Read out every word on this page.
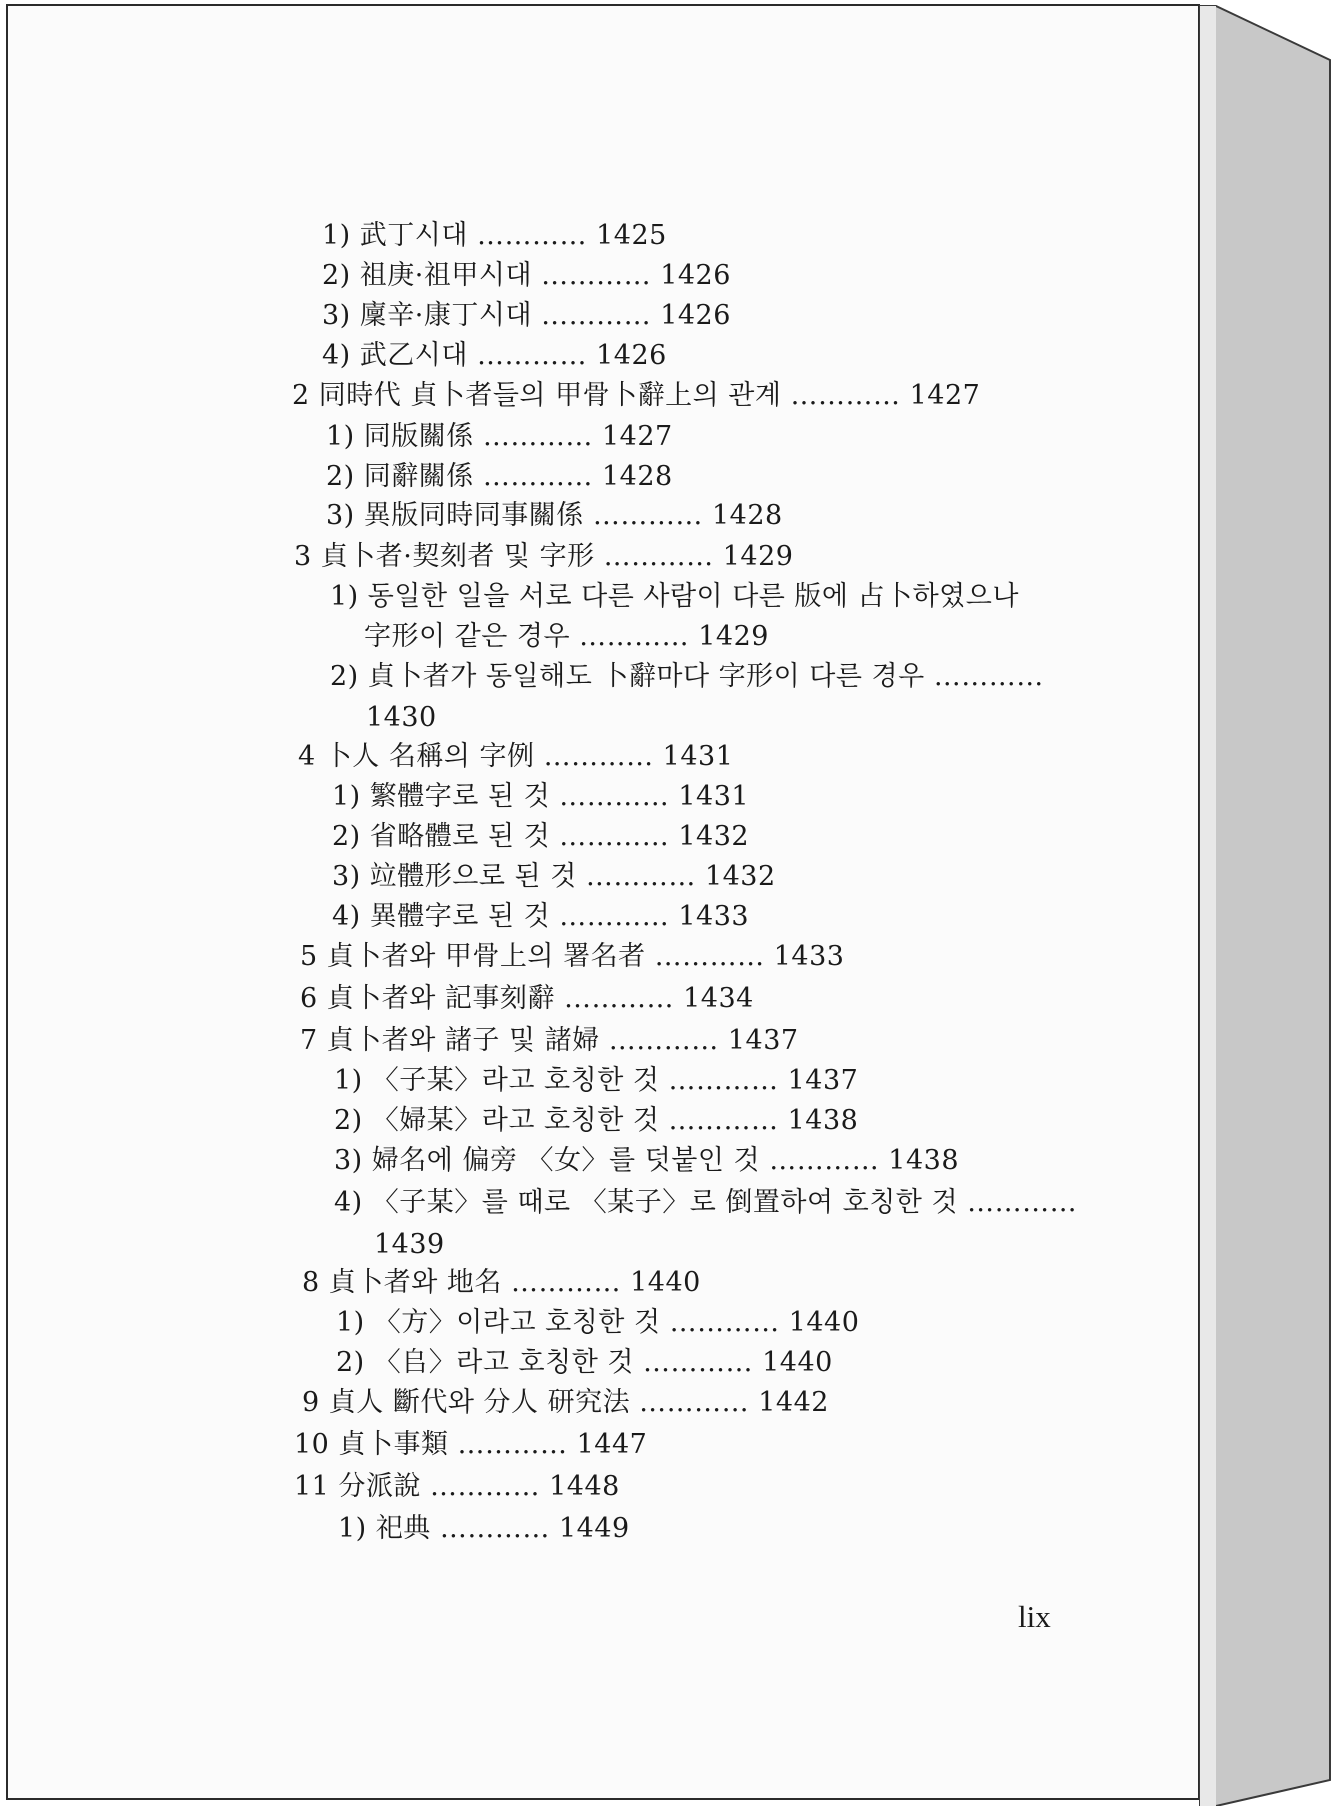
1) 武丁시대 ………… 1425
2) 祖庚·祖甲시대 ………… 1426
3) 廩辛·康丁시대 ………… 1426
4) 武乙시대 ………… 1426
2 同時代 貞卜者들의 甲骨卜辭上의 관계 ………… 1427
1) 同版關係 ………… 1427
2) 同辭關係 ………… 1428
3) 異版同時同事關係 ………… 1428
3 貞卜者·契刻者 및 字形 ………… 1429
1) 동일한 일을 서로 다른 사람이 다른 版에 占卜하였으나
字形이 같은 경우 ………… 1429
2) 貞卜者가 동일해도 卜辭마다 字形이 다른 경우 …………
1430
4 卜人 名稱의 字例 ………… 1431
1) 繁體字로 된 것 ………… 1431
2) 省略體로 된 것 ………… 1432
3) 竝體形으로 된 것 ………… 1432
4) 異體字로 된 것 ………… 1433
5 貞卜者와 甲骨上의 署名者 ………… 1433
6 貞卜者와 記事刻辭 ………… 1434
7 貞卜者와 諸子 및 諸婦 ………… 1437
1) 〈子某〉라고 호칭한 것 ………… 1437
2) 〈婦某〉라고 호칭한 것 ………… 1438
3) 婦名에 偏旁 〈女〉를 덧붙인 것 ………… 1438
4) 〈子某〉를 때로 〈某子〉로 倒置하여 호칭한 것 …………
1439
8 貞卜者와 地名 ………… 1440
1) 〈方〉이라고 호칭한 것 ………… 1440
2) 〈𠂤〉라고 호칭한 것 ………… 1440
9 貞人 斷代와 分人 研究法 ………… 1442
10 貞卜事類 ………… 1447
11 分派說 ………… 1448
1) 祀典 ………… 1449
lix
